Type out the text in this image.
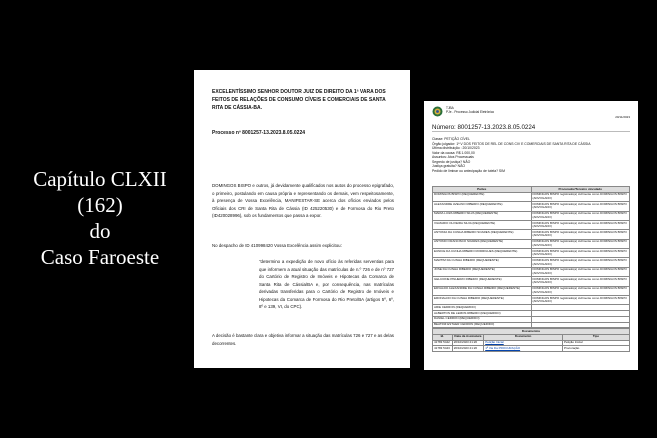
Capítulo CLXII
(162)
do
Caso Faroeste
EXCELENTÍSSIMO SENHOR DOUTOR JUIZ DE DIREITO DA 1ª VARA DOS FEITOS DE RELAÇÕES DE CONSUMO CÍVEIS E COMERCIAIS DE SANTA RITA DE CÁSSIA-BA.
Processo nº 8001257-13.2023.8.05.0224
DOMINGOS BISPO e outros, já devidamente qualificados nos autos do processo epigrafado, o primeiro, postulando em causa própria e representando os demais, vem respeitosamente, à presença de Vossa Excelência, MANIFESTAR-SE acerca dos ofícios enviados pelos Oficiais dos CRI de Santa Rita de Cássia (ID 425220530) e de Formosa do Rio Preto (ID420028996), sob os fundamentos que passa a expor.
No despacho de ID 410998420 Vossa Excelência assim explicitou:
"determino a expedição de novo ofício às referidas serventias para que informem a atual situação das matrículas de n.º 726 e de nº 727 do Cartório de Registro de Imóveis e Hipotecas da Comarca de Santa Rita de Cássia/BA e, por consequência, nas matrículas derivadas transferidas para o Cartório de Registro de Imóveis e Hipotecas da Comarca de Formosa do Rio Preto/BA (artigos 5º, 6º, 8º e 139, VI, do CPC).
A decisão é bastante clara e objetiva informar a situação das matrículas 726 e 727 e as delas decorrentes.
TJBA
PJe - Processo Judicial Eletrônico
20/11/2023
Número: 8001257-13.2023.8.05.0224
Classe: PETIÇÃO CÍVEL
Órgão julgador: 1ª V DOS FEITOS DE REL DE CONS CIV E COMERCIAIS DE SANTA RITA DE CÁSSIA
Última distribuição : 20/10/2023
Valor da causa: R$ 1.000,00
Assuntos: Atos Processuais
Segredo de justiça? NÃO
Justiça gratuita? NÃO
Pedido de liminar ou antecipação de tutela? SIM
Partes	Procurador/Terceiro vinculado
DOMINGOS BISPO (REQUERENTE)	DOMINGOS BISPO registrado(a) civilmente como DOMINGOS BISPO (ADVOGADO)
ALEXANDRE AVELINO RIBEIRO (REQUERENTE)	DOMINGOS BISPO registrado(a) civilmente como DOMINGOS BISPO (ADVOGADO)
MARIA LUIZA RIBEIRO SILVA (REQUERENTE)	DOMINGOS BISPO registrado(a) civilmente como DOMINGOS BISPO (ADVOGADO)
VILMARIO OLIVEIRA SILVA (REQUERENTE)	DOMINGOS BISPO registrado(a) civilmente como DOMINGOS BISPO (ADVOGADO)
ANTONIA DA CUNHA RIBEIRO SOARES (REQUERENTE)	DOMINGOS BISPO registrado(a) civilmente como DOMINGOS BISPO (ADVOGADO)
ANTONIO FRANCISCO SOARES (REQUERENTE)	DOMINGOS BISPO registrado(a) civilmente como DOMINGOS BISPO (ADVOGADO)
EUNICE DA CUNHA RIBEIRO RODRIGUES (REQUERENTE)	DOMINGOS BISPO registrado(a) civilmente como DOMINGOS BISPO (ADVOGADO)
MARTIM DA CUNHA RIBEIRO (REQUERENTE)	DOMINGOS BISPO registrado(a) civilmente como DOMINGOS BISPO (ADVOGADO)
JOSÉ DA CUNHA RIBEIRO (REQUERENTE)	DOMINGOS BISPO registrado(a) civilmente como DOMINGOS BISPO (ADVOGADO)
GELCIONE PINHEIRO RIBEIRO (REQUERENTE)	DOMINGOS BISPO registrado(a) civilmente como DOMINGOS BISPO (ADVOGADO)
EDVALDO ALEXANDRE DA CUNHA RIBEIRO (REQUERENTE)	DOMINGOS BISPO registrado(a) civilmente como DOMINGOS BISPO (ADVOGADO)
ERONALDO DA CUNHA RIBEIRO (REQUERENTE)	DOMINGOS BISPO registrado(a) civilmente como DOMINGOS BISPO (ADVOGADO)
ARIE CEDRON (REQUERIDO)	
ALBERTON DE LEMOS RIBEIRO (REQUERIDO)	
DANIEL CEDRON (REQUERIDO)	
BEATRIZ ESTHER CEDRON (REQUERIDO)	
Documentos			
Id.	Data da Assinatura	Documento	Tipo
41783 5442	20/10/2023 21:20	Petição Inicial	Petição Inicial
41783 5443	20/10/2023 21:20	1ª Via Da PROCURAÇÃO	Procuração
